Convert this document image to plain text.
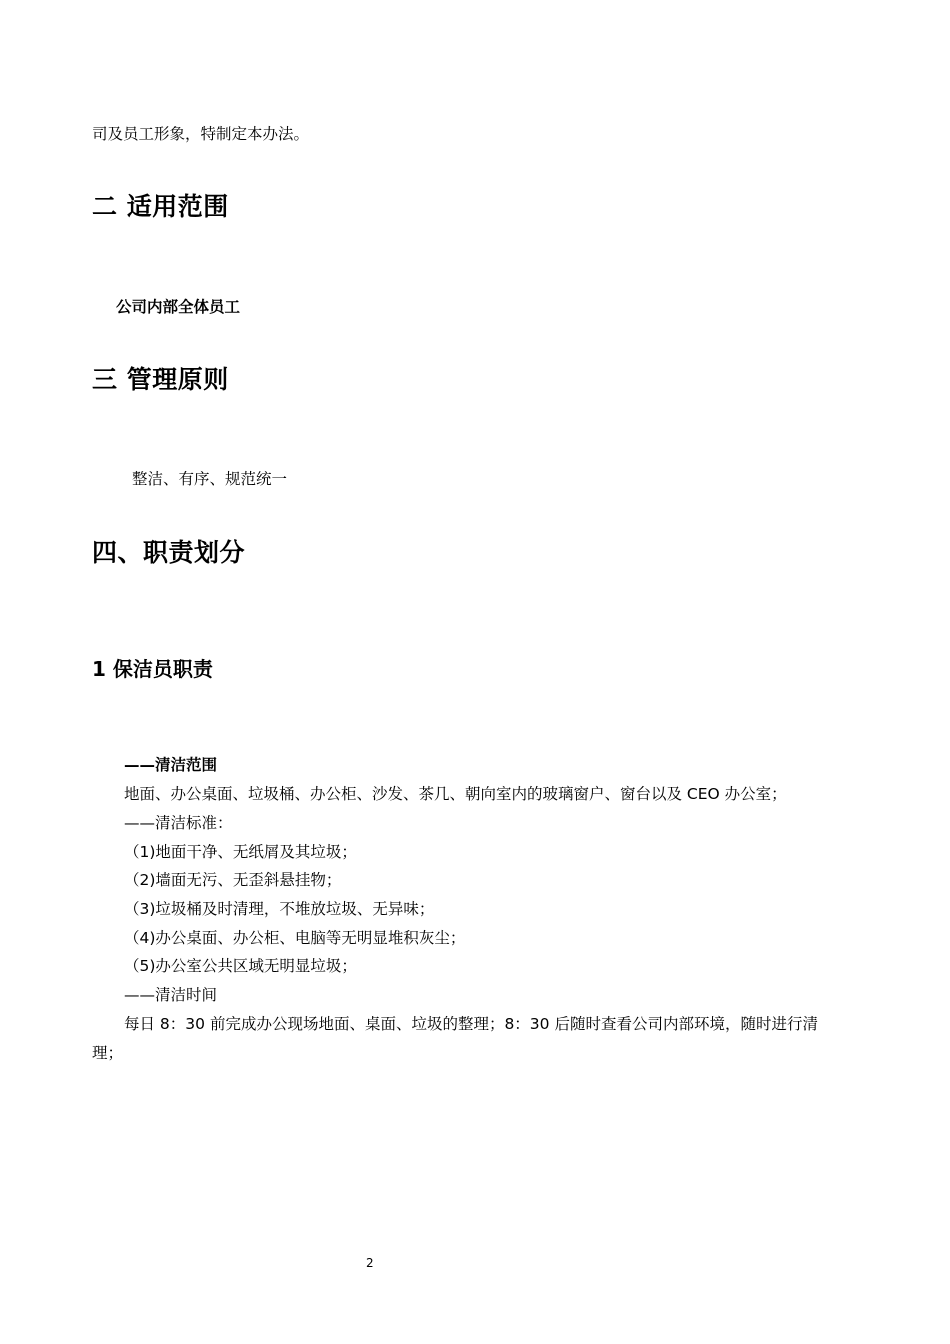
司及员工形象，特制定本办法。
二 适用范围
公司内部全体员工
三 管理原则
整洁、有序、规范统一
四、职责划分
1 保洁员职责
——清洁范围
地面、办公桌面、垃圾桶、办公柜、沙发、茶几、朝向室内的玻璃窗户、窗台以及 CEO 办公室；
——清洁标准：
（1)地面干净、无纸屑及其垃圾；
（2)墙面无污、无歪斜悬挂物；
（3)垃圾桶及时清理，不堆放垃圾、无异味；
（4)办公桌面、办公柜、电脑等无明显堆积灰尘；
（5)办公室公共区域无明显垃圾；
——清洁时间
每日 8：30 前完成办公现场地面、桌面、垃圾的整理；8：30 后随时查看公司内部环境，随时进行清
理；
2
